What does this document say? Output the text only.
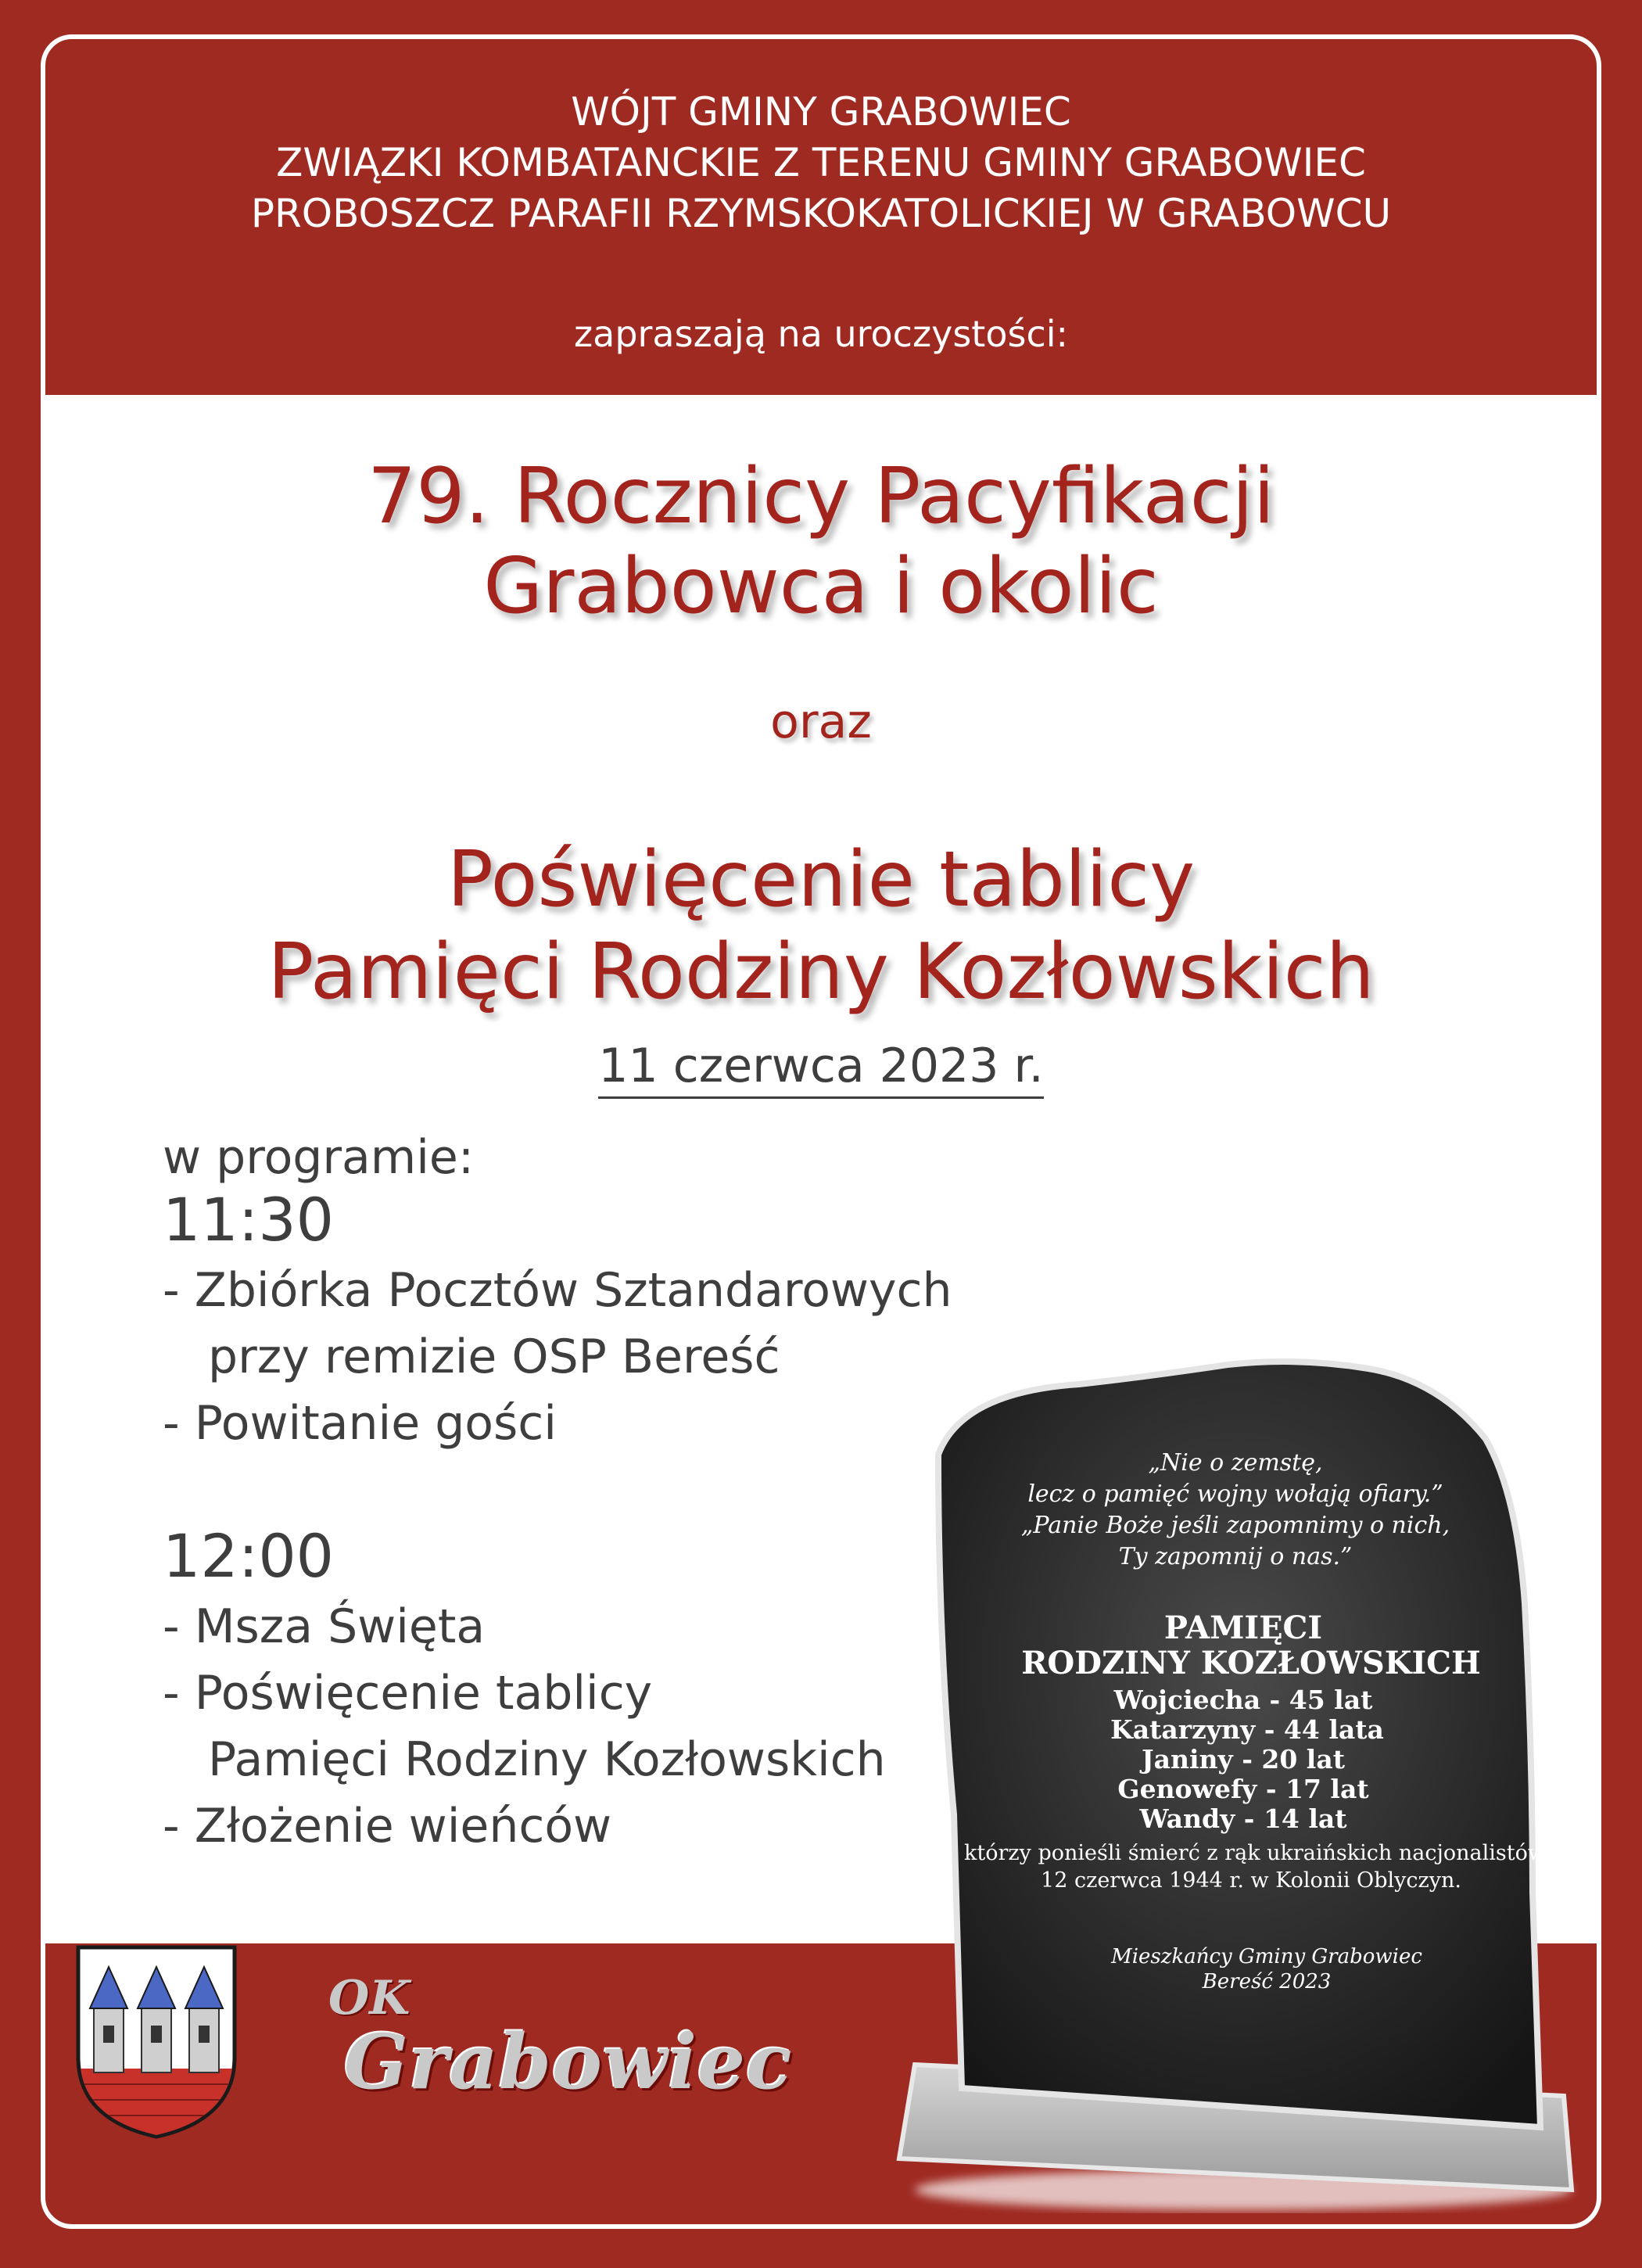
WÓJT GMINY GRABOWIEC
ZWIĄZKI KOMBATANCKIE Z TERENU GMINY GRABOWIEC
PROBOSZCZ PARAFII RZYMSKOKATOLICKIEJ W GRABOWCU
zapraszają na uroczystości:
79. Rocznicy Pacyfikacji
Grabowca i okolic
oraz
Poświęcenie tablicy
Pamięci Rodziny Kozłowskich
11 czerwca 2023 r.
w programie:
11:30
- Zbiórka Pocztów Sztandarowych
przy remizie OSP Bereść
- Powitanie gości
12:00
- Msza Święta
- Poświęcenie tablicy
Pamięci Rodziny Kozłowskich
- Złożenie wieńców
„Nie o zemstę,
lecz o pamięć wojny wołają ofiary.”
„Panie Boże jeśli zapomnimy o nich,
Ty zapomnij o nas.”
PAMIĘCI
RODZINY KOZŁOWSKICH
Wojciecha - 45 lat
Katarzyny - 44 lata
Janiny - 20 lat
Genowefy - 17 lat
Wandy - 14 lat
którzy ponieśli śmierć z rąk ukraińskich nacjonalistów
12 czerwca 1944 r. w Kolonii Oblyczyn.
Mieszkańcy Gminy Grabowiec
Bereść 2023
OK
Grabowiec
